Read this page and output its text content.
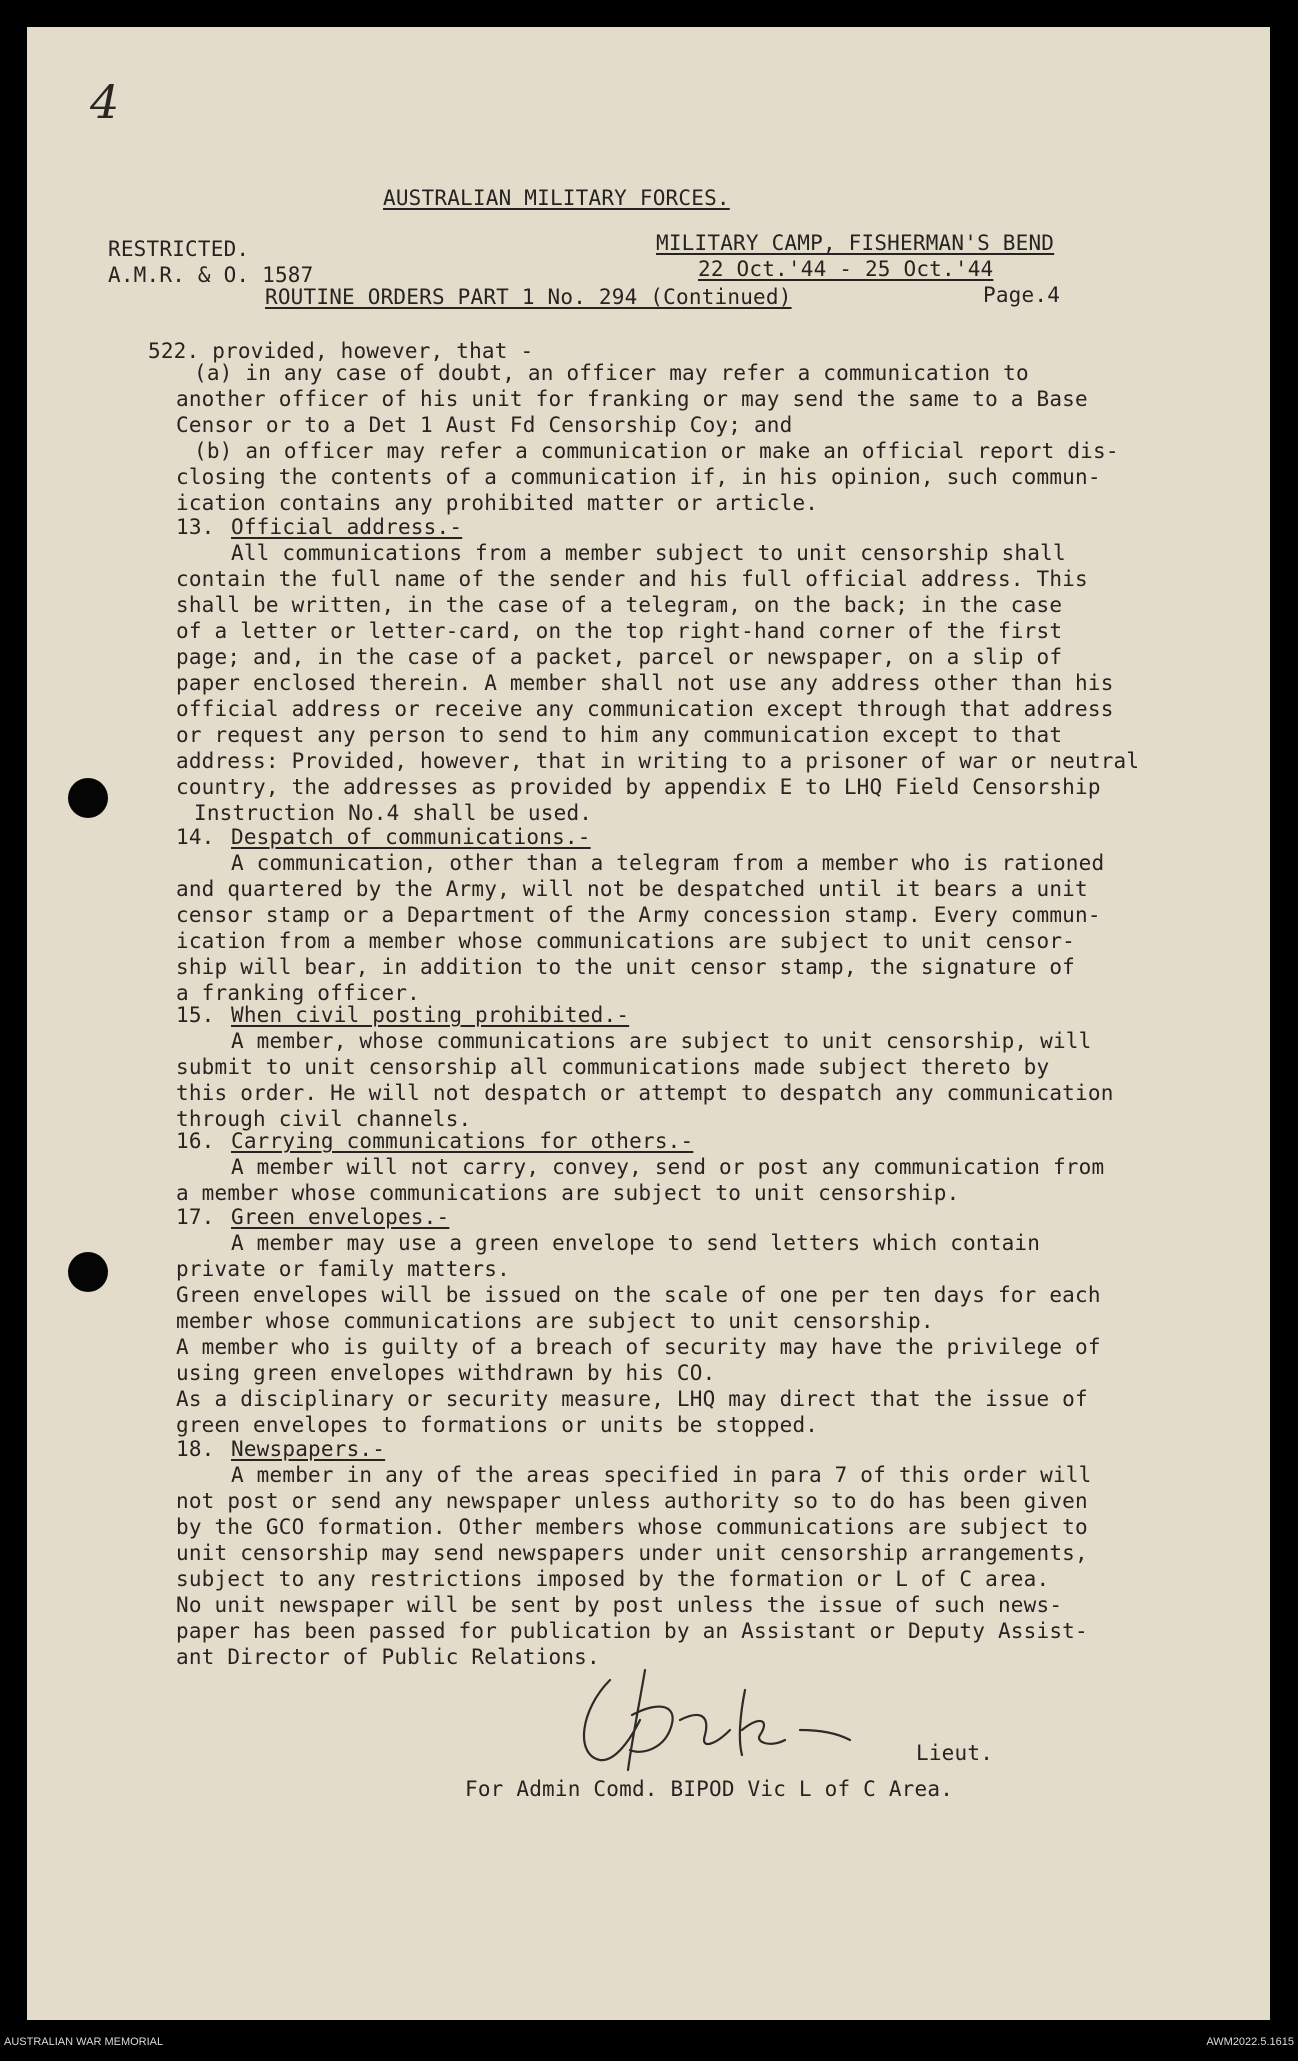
4
AUSTRALIAN MILITARY FORCES.
RESTRICTED.	MILITARY CAMP, FISHERMAN'S BEND
A.M.R. & O. 1587	22 Oct.'44 - 25 Oct.'44
ROUTINE ORDERS PART 1 No. 294 (Continued)	Page.4
522. provided, however, that -
(a) in any case of doubt, an officer may refer a communication to
another officer of his unit for franking or may send the same to a Base
Censor or to a Det 1 Aust Fd Censorship Coy; and
(b) an officer may refer a communication or make an official report dis-
closing the contents of a communication if, in his opinion, such commun-
ication contains any prohibited matter or article.
13. Official address.-
All communications from a member subject to unit censorship shall
contain the full name of the sender and his full official address. This
shall be written, in the case of a telegram, on the back; in the case
of a letter or letter-card, on the top right-hand corner of the first
page; and, in the case of a packet, parcel or newspaper, on a slip of
paper enclosed therein. A member shall not use any address other than his
official address or receive any communication except through that address
or request any person to send to him any communication except to that
address: Provided, however, that in writing to a prisoner of war or neutral
country, the addresses as provided by appendix E to LHQ Field Censorship
Instruction No.4 shall be used.
14. Despatch of communications.-
A communication, other than a telegram from a member who is rationed
and quartered by the Army, will not be despatched until it bears a unit
censor stamp or a Department of the Army concession stamp. Every commun-
ication from a member whose communications are subject to unit censor-
ship will bear, in addition to the unit censor stamp, the signature of
a franking officer.
15. When civil posting prohibited.-
A member, whose communications are subject to unit censorship, will
submit to unit censorship all communications made subject thereto by
this order. He will not despatch or attempt to despatch any communication
through civil channels.
16. Carrying communications for others.-
A member will not carry, convey, send or post any communication from
a member whose communications are subject to unit censorship.
17. Green envelopes.-
A member may use a green envelope to send letters which contain
private or family matters.
Green envelopes will be issued on the scale of one per ten days for each
member whose communications are subject to unit censorship.
A member who is guilty of a breach of security may have the privilege of
using green envelopes withdrawn by his CO.
As a disciplinary or security measure, LHQ may direct that the issue of
green envelopes to formations or units be stopped.
18. Newspapers.-
A member in any of the areas specified in para 7 of this order will
not post or send any newspaper unless authority so to do has been given
by the GCO formation. Other members whose communications are subject to
unit censorship may send newspapers under unit censorship arrangements,
subject to any restrictions imposed by the formation or L of C area.
No unit newspaper will be sent by post unless the issue of such news-
paper has been passed for publication by an Assistant or Deputy Assist-
ant Director of Public Relations.
Lieut.
For Admin Comd. BIPOD Vic L of C Area.
AUSTRALIAN WAR MEMORIAL	AWM2022.5.1615
